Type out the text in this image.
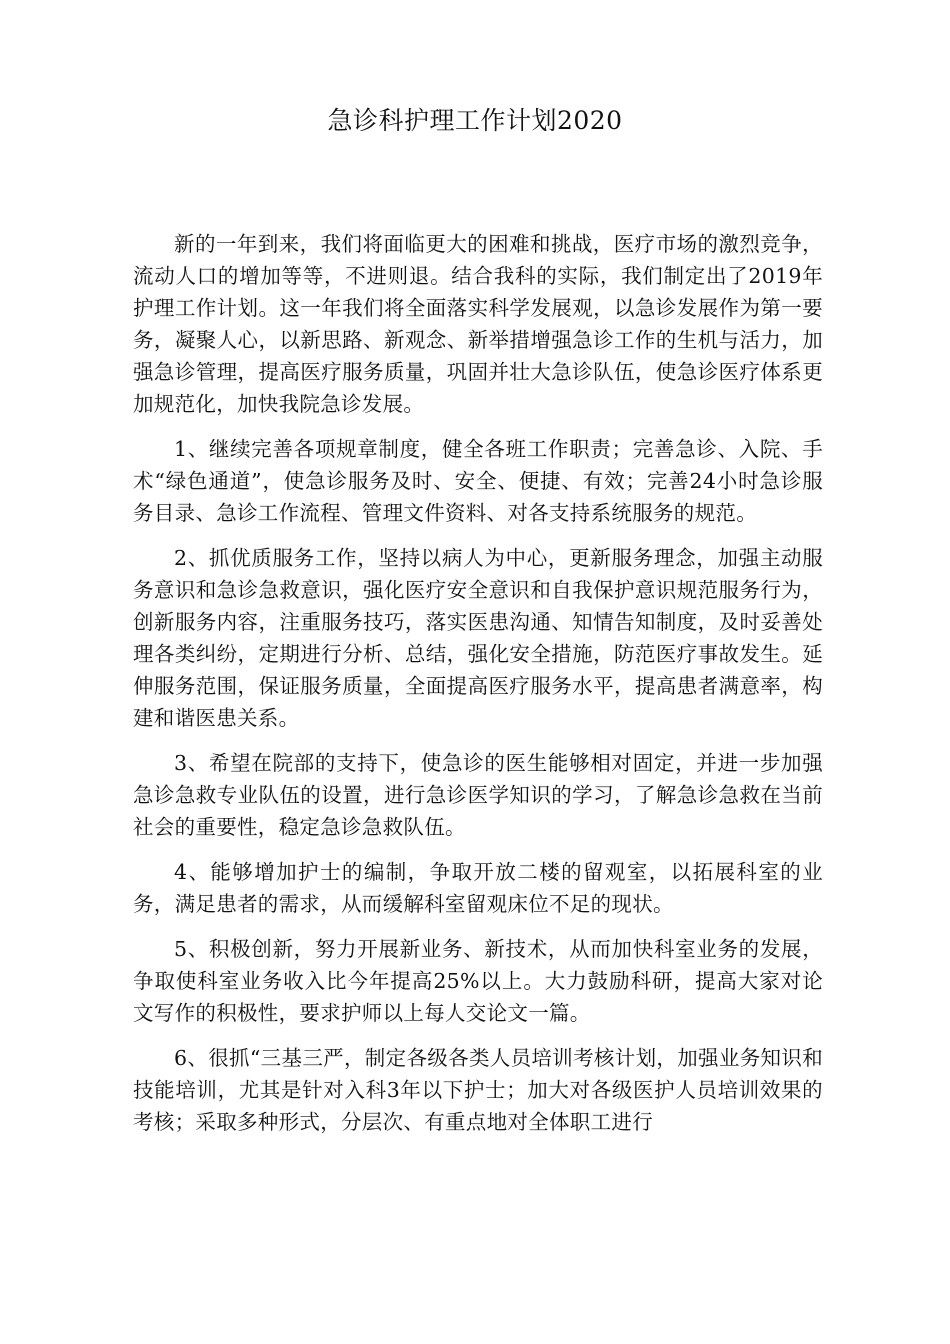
急诊科护理工作计划2020

新的一年到来，我们将面临更大的困难和挑战，医疗市场的激烈竞争，流动人口的增加等等，不进则退。结合我科的实际，我们制定出了2019年护理工作计划。这一年我们将全面落实科学发展观，以急诊发展作为第一要务，凝聚人心，以新思路、新观念、新举措增强急诊工作的生机与活力，加强急诊管理，提高医疗服务质量，巩固并壮大急诊队伍，使急诊医疗体系更加规范化，加快我院急诊发展。

1、继续完善各项规章制度，健全各班工作职责；完善急诊、入院、手术“绿色通道”，使急诊服务及时、安全、便捷、有效；完善24小时急诊服务目录、急诊工作流程、管理文件资料、对各支持系统服务的规范。

2、抓优质服务工作，坚持以病人为中心，更新服务理念，加强主动服务意识和急诊急救意识，强化医疗安全意识和自我保护意识规范服务行为，创新服务内容，注重服务技巧，落实医患沟通、知情告知制度，及时妥善处理各类纠纷，定期进行分析、总结，强化安全措施，防范医疗事故发生。延伸服务范围，保证服务质量，全面提高医疗服务水平，提高患者满意率，构建和谐医患关系。

3、希望在院部的支持下，使急诊的医生能够相对固定，并进一步加强急诊急救专业队伍的设置，进行急诊医学知识的学习，了解急诊急救在当前社会的重要性，稳定急诊急救队伍。

4、能够增加护士的编制，争取开放二楼的留观室，以拓展科室的业务，满足患者的需求，从而缓解科室留观床位不足的现状。

5、积极创新，努力开展新业务、新技术，从而加快科室业务的发展，争取使科室业务收入比今年提高25%以上。大力鼓励科研，提高大家对论文写作的积极性，要求护师以上每人交论文一篇。

6、很抓“三基三严，制定各级各类人员培训考核计划，加强业务知识和技能培训，尤其是针对入科3年以下护士；加大对各级医护人员培训效果的考核；采取多种形式，分层次、有重点地对全体职工进行
